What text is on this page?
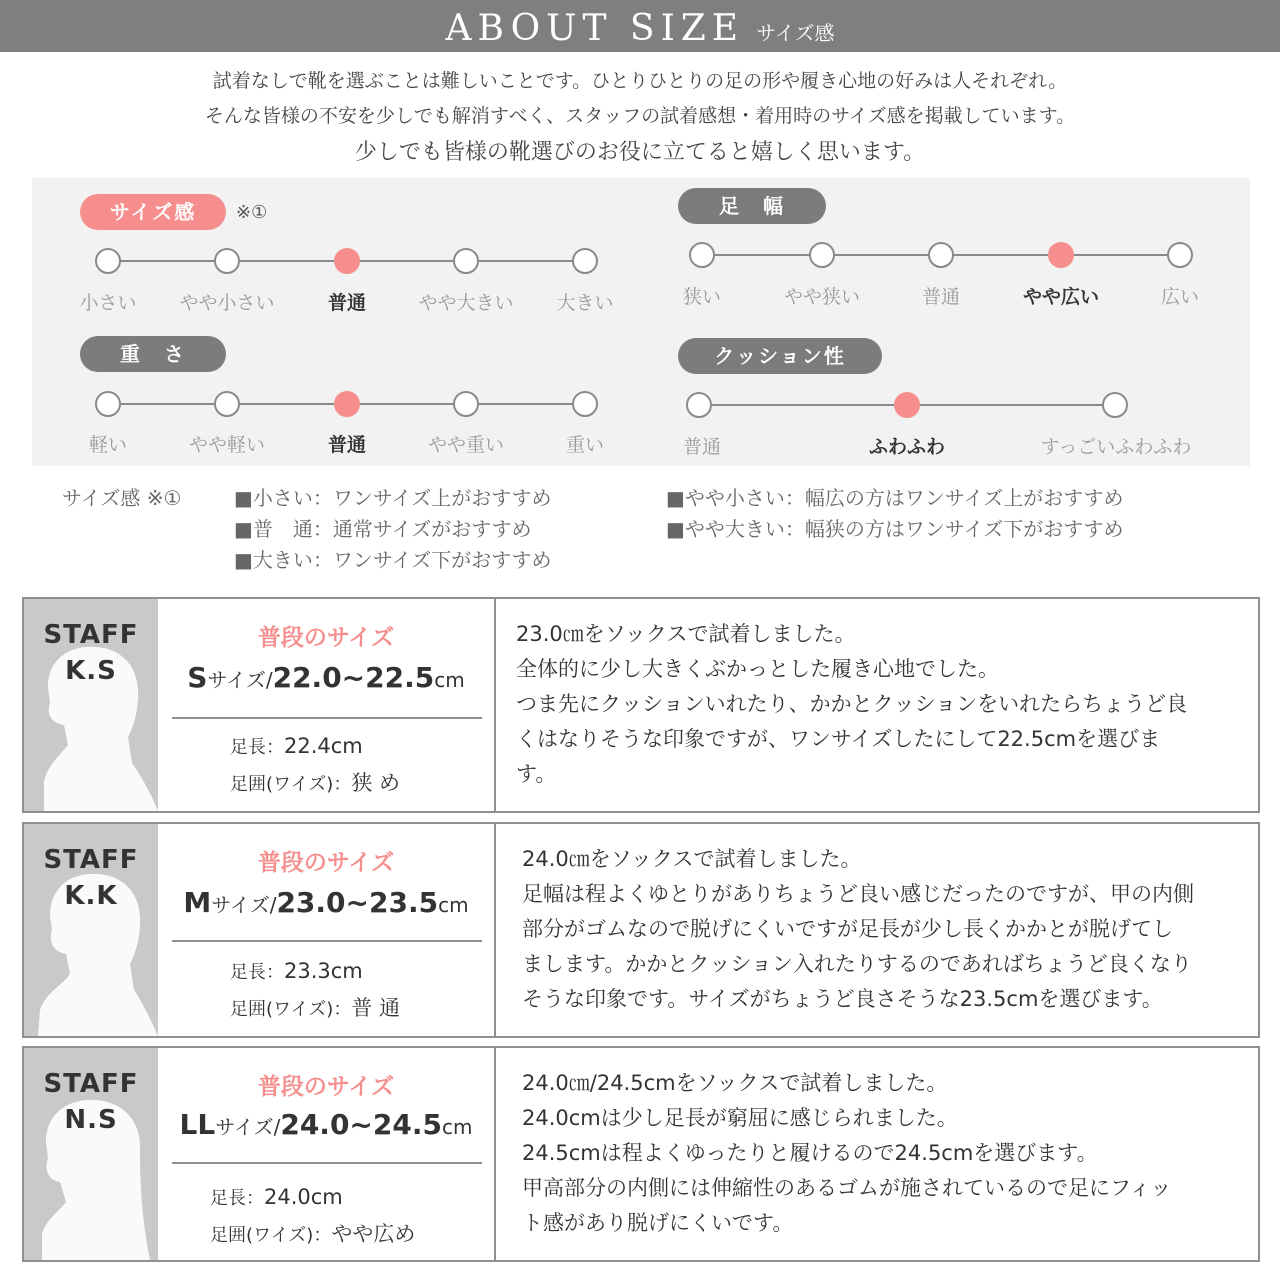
ABOUT SIZE サイズ感
試着なしで靴を選ぶことは難しいことです。ひとりひとりの足の形や履き心地の好みは人それぞれ。
そんな皆様の不安を少しでも解消すべく、スタッフの試着感想・着用時のサイズ感を掲載しています。
少しでも皆様の靴選びのお役に立てると嬉しく思います。
サイズ感	※①
小さい やや小さい	普通	やや大きい 大きい
足　幅
狭い	やや狭い	普通	やや広い	広い
重　さ
軽い	やや軽い	普通	やや重い	重い
クッション性
普通	ふわふわ	すっごいふわふわ
サイズ感 ※①	■小さい：ワンサイズ上がおすすめ
■普　通：通常サイズがおすすめ
■大きい：ワンサイズ下がおすすめ
■やや小さい：幅広の方はワンサイズ上がおすすめ
■やや大きい：幅狭の方はワンサイズ下がおすすめ
STAFF
K.S
普段のサイズ
Sサイズ/22.0~22.5cm
足長：22.4cm
足囲(ワイズ)：狭 め
23.0㎝をソックスで試着しました。
全体的に少し大きくぶかっとした履き心地でした。
つま先にクッションいれたり、かかとクッションをいれたらちょうど良
くはなりそうな印象ですが、ワンサイズしたにして22.5cmを選びま
す。
STAFF
K.K
普段のサイズ
Mサイズ/23.0~23.5cm
足長：23.3cm
足囲(ワイズ)：普 通
24.0㎝をソックスで試着しました。
足幅は程よくゆとりがありちょうど良い感じだったのですが、甲の内側
部分がゴムなので脱げにくいですが足長が少し長くかかとが脱げてし
まします。かかとクッション入れたりするのであればちょうど良くなり
そうな印象です。サイズがちょうど良さそうな23.5cmを選びます。
STAFF
N.S
普段のサイズ
LLサイズ/24.0~24.5cm
足長：24.0cm
足囲(ワイズ)：やや広め
24.0㎝/24.5cmをソックスで試着しました。
24.0cmは少し足長が窮屈に感じられました。
24.5cmは程よくゆったりと履けるので24.5cmを選びます。
甲高部分の内側には伸縮性のあるゴムが施されているので足にフィッ
ト感があり脱げにくいです。
